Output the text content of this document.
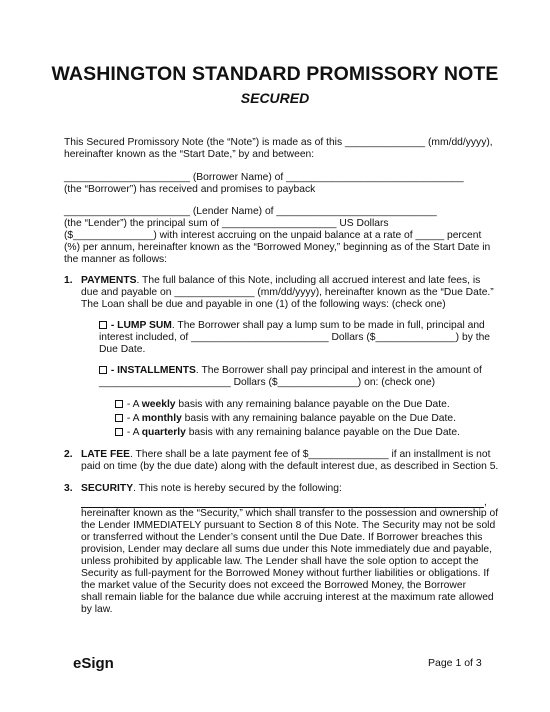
WASHINGTON STANDARD PROMISSORY NOTE
SECURED
This Secured Promissory Note (the “Note”) is made as of this ______________ (mm/dd/yyyy),
hereinafter known as the “Start Date,” by and between:
______________________ (Borrower Name) of _______________________________
(the “Borrower”) has received and promises to payback
______________________ (Lender Name) of ____________________________
(the “Lender”) the principal sum of ____________________ US Dollars
($______________) with interest accruing on the unpaid balance at a rate of _____ percent
(%) per annum, hereinafter known as the “Borrowed Money,” beginning as of the Start Date in
the manner as follows:
1. PAYMENTS. The full balance of this Note, including all accrued interest and late fees, is
due and payable on ______________ (mm/dd/yyyy), hereinafter known as the “Due Date.”
The Loan shall be due and payable in one (1) of the following ways: (check one)
- LUMP SUM. The Borrower shall pay a lump sum to be made in full, principal and
interest included, of ________________________ Dollars ($______________) by the
Due Date.
- INSTALLMENTS. The Borrower shall pay principal and interest in the amount of
_______________________ Dollars ($______________) on: (check one)
- A weekly basis with any remaining balance payable on the Due Date.
- A monthly basis with any remaining balance payable on the Due Date.
- A quarterly basis with any remaining balance payable on the Due Date.
2. LATE FEE. There shall be a late payment fee of $______________ if an installment is not
paid on time (by the due date) along with the default interest due, as described in Section 5.
3. SECURITY. This note is hereby secured by the following:
,
hereinafter known as the “Security,” which shall transfer to the possession and ownership of
the Lender IMMEDIATELY pursuant to Section 8 of this Note. The Security may not be sold
or transferred without the Lender’s consent until the Due Date. If Borrower breaches this
provision, Lender may declare all sums due under this Note immediately due and payable,
unless prohibited by applicable law. The Lender shall have the sole option to accept the
Security as full-payment for the Borrowed Money without further liabilities or obligations. If
the market value of the Security does not exceed the Borrowed Money, the Borrower
shall remain liable for the balance due while accruing interest at the maximum rate allowed
by law.
eSign	Page 1 of 3
